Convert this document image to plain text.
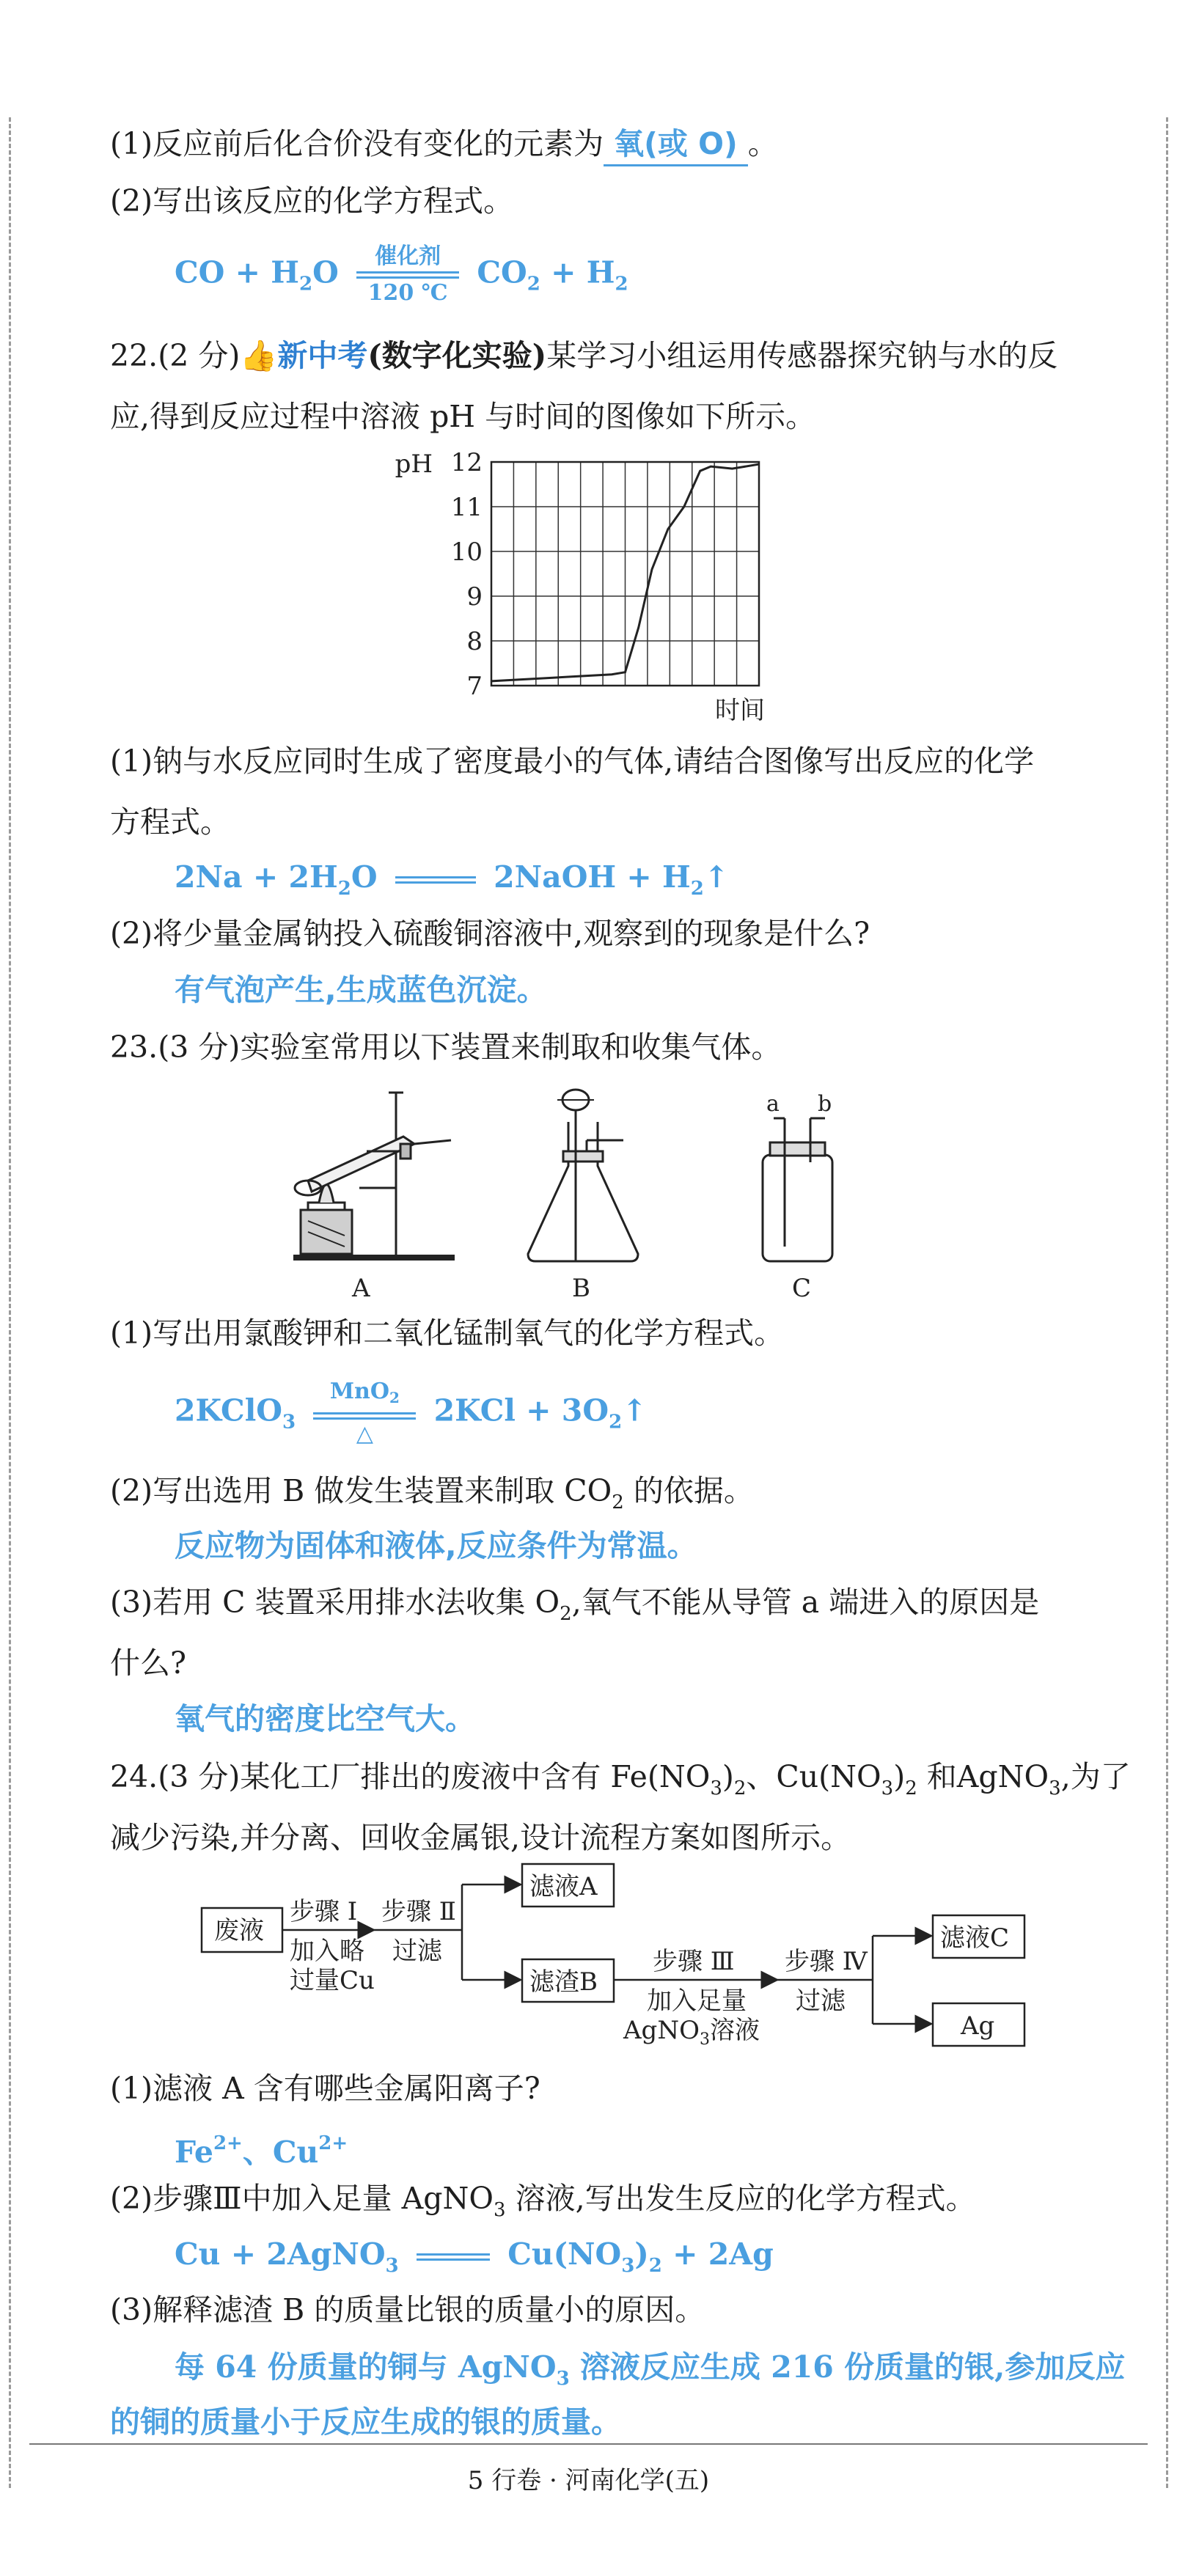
(1)反应前后化合价没有变化的元素为 氧(或 O) 。
(2)写出该反应的化学方程式。
CO + $H_2O$	催化剂
120 ℃
$CO_2 + H_2$
22.(2 分)👍新中考(数字化实验)某学习小组运用传感器探究钠与水的反
应,得到反应过程中溶液 pH 与时间的图像如下所示。
7
8
9
10
11
12
pH
时间
(1)钠与水反应同时生成了密度最小的气体,请结合图像写出反应的化学
方程式。
$2Na + 2H_2O$	2NaOH + $H_2↑$
(2)将少量金属钠投入硫酸铜溶液中,观察到的现象是什么?
有气泡产生,生成蓝色沉淀。
23.(3 分)实验室常用以下装置来制取和收集气体。
A	B
a b
C
(1)写出用氯酸钾和二氧化锰制氧气的化学方程式。
2KClO$_3$
MnO$_2$
△
$2KCl + 3O_2↑$
(2)写出选用 B 做发生装置来制取 $CO_2$ 的依据。
反应物为固体和液体,反应条件为常温。
(3)若用 C 装置采用排水法收集 $O_2$,氧气不能从导管 a 端进入的原因是
什么?
氧气的密度比空气大。
24.(3 分)某化工厂排出的废液中含有 $Fe(NO_3)_2$、$Cu(NO_3)_2$ 和AgNO$_3$,为了
减少污染,并分离、回收金属银,设计流程方案如图所示。
废液
步骤 Ⅰ
加入略
过量Cu
步骤 Ⅱ
过滤
滤液A
滤渣B
步骤 Ⅲ
加入足量
AgNO$_3$溶液
步骤 Ⅳ
过滤
滤液C
Ag
(1)滤液 A 含有哪些金属阳离子?
$Fe^{2+}$、$Cu^{2+}$
(2)步骤Ⅲ中加入足量 AgNO$_3$ 溶液,写出发生反应的化学方程式。
Cu + 2AgNO$_3$	$Cu(NO_3)_2 + 2Ag$
(3)解释滤渣 B 的质量比银的质量小的原因。
每 64 份质量的铜与 AgNO$_3$ 溶液反应生成 216 份质量的银,参加反应
的铜的质量小于反应生成的银的质量。
5 行卷 · 河南化学(五)
